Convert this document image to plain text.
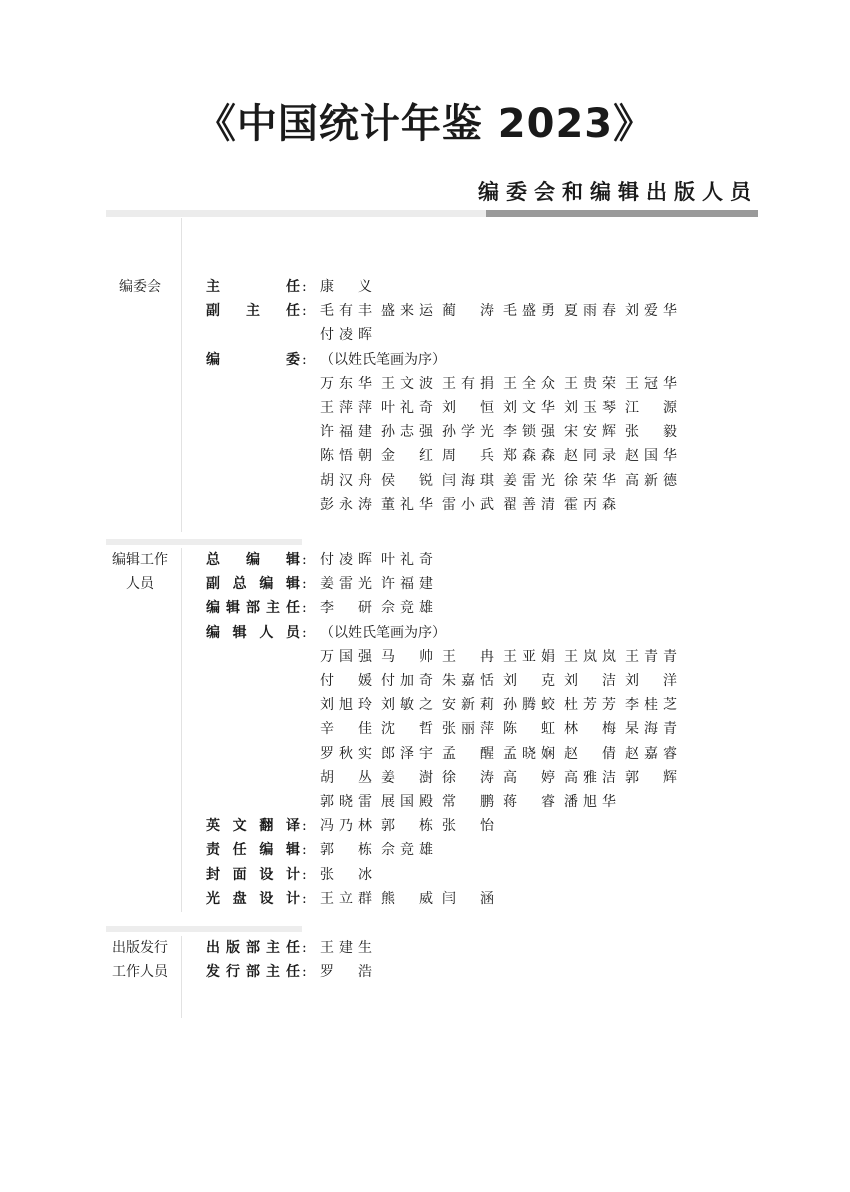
《中国统计年鉴 2023》
编委会和编辑出版人员
编委会	主任 : 康义
副主任 : 毛有丰 盛来运 蔺涛 毛盛勇 夏雨春 刘爱华
付凌晖
编委 : （以姓氏笔画为序）
万东华 王文波 王有捐 王全众 王贵荣 王冠华
王萍萍 叶礼奇 刘恒 刘文华 刘玉琴 江源
许福建 孙志强 孙学光 李锁强 宋安辉 张毅
陈悟朝 金红 周兵 郑森森 赵同录 赵国华
胡汉舟 侯锐 闫海琪 姜雷光 徐荣华 高新德
彭永涛 董礼华 雷小武 翟善清 霍丙森
编辑工作
人员
总编辑 : 付凌晖 叶礼奇
副总编辑 : 姜雷光 许福建
编辑部主任 : 李研 佘竞雄
编辑人员 : （以姓氏笔画为序）
万国强 马帅 王冉 王亚娟 王岚岚 王青青
付媛 付加奇 朱嘉恬 刘克 刘洁 刘洋
刘旭玲 刘敏之 安新莉 孙腾蛟 杜芳芳 李桂芝
辛佳 沈哲 张丽萍 陈虹 林梅 杲海青
罗秋实 郎泽宇 孟醒 孟晓娴 赵倩 赵嘉睿
胡丛 姜澍 徐涛 高婷 高雅洁 郭辉
郭晓雷 展国殿 常鹏 蒋睿 潘旭华
英文翻译 : 冯乃林 郭栋 张怡
责任编辑 : 郭栋 佘竞雄
封面设计 : 张冰
光盘设计 : 王立群 熊威 闫涵
出版发行
工作人员
出版部主任 : 王建生
发行部主任 : 罗浩
